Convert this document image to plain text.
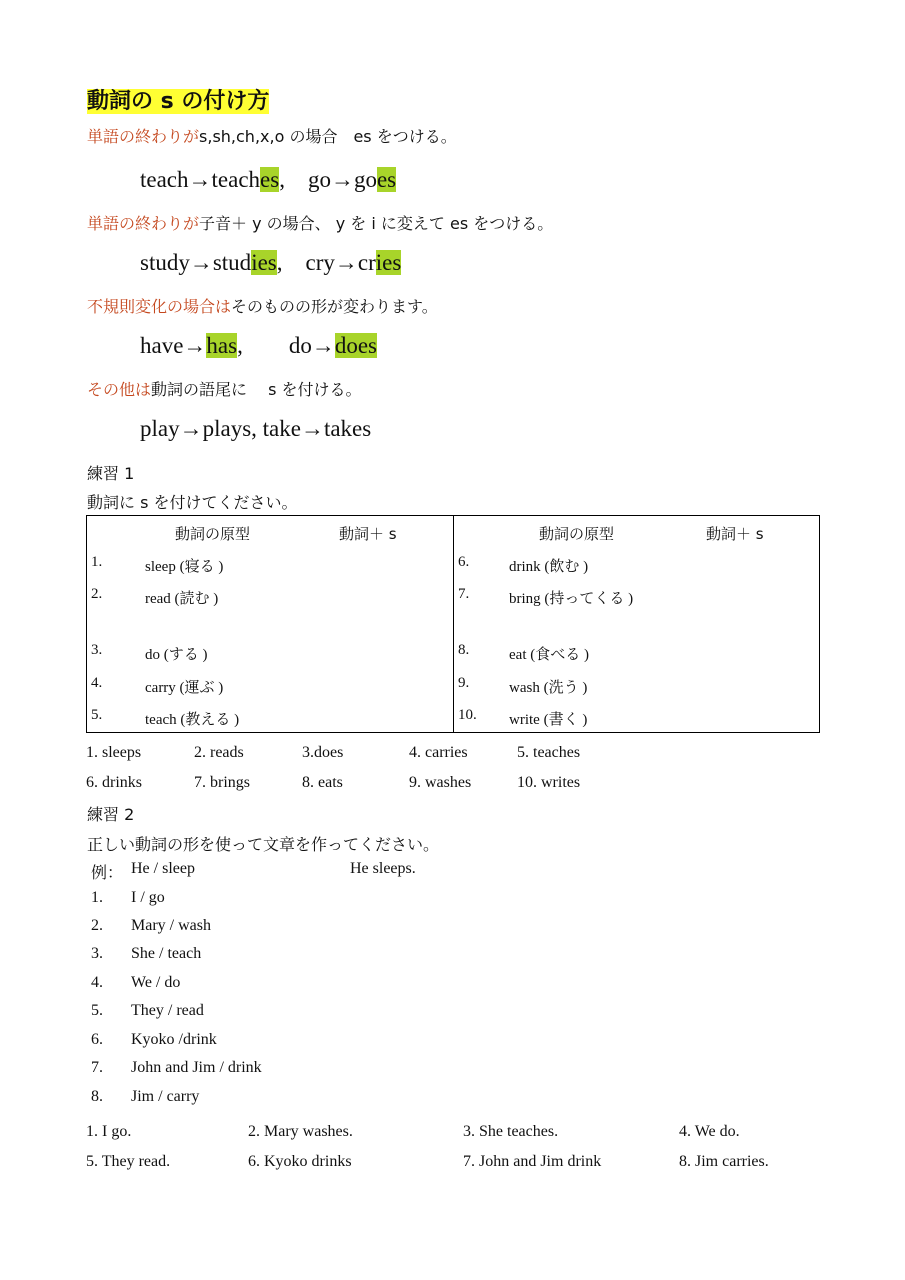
動詞の s の付け方
単語の終わりがs,sh,ch,x,o の場合　es をつける。
teach→teaches,　go→goes
単語の終わりが子音＋ y の場合、 y を i に変えて es をつける。
study→studies,　cry→cries
不規則変化の場合はそのものの形が変わります。
have→has,　　do→does
その他は動詞の語尾に　 s を付ける。
play→plays, take→takes
練習 1
動詞に s を付けてください。
動詞の原型	動詞＋ s
1.	sleep (寝る )
2.	read (読む )
3.	do (する )
4.	carry (運ぶ )
5.	teach (教える )

動詞の原型	動詞＋ s
6.	drink (飲む )
7.	bring (持ってくる )
8.	eat (食べる )
9.	wash (洗う )
10. write (書く )
1. sleeps	2. reads	3.does	4. carries	5. teaches
6. drinks	7. brings	8. eats	9. washes	10. writes
練習 2
正しい動詞の形を使って文章を作ってください。
例： He / sleep	He sleeps.
1. I / go
2. Mary / wash
3. She / teach
4. We / do
5. They / read
6. Kyoko /drink
7. John and Jim / drink
8. Jim / carry
1. I go.	2. Mary washes.	3. She teaches.	4. We do.
5. They read.	6. Kyoko drinks	7. John and Jim drink	8. Jim carries.
